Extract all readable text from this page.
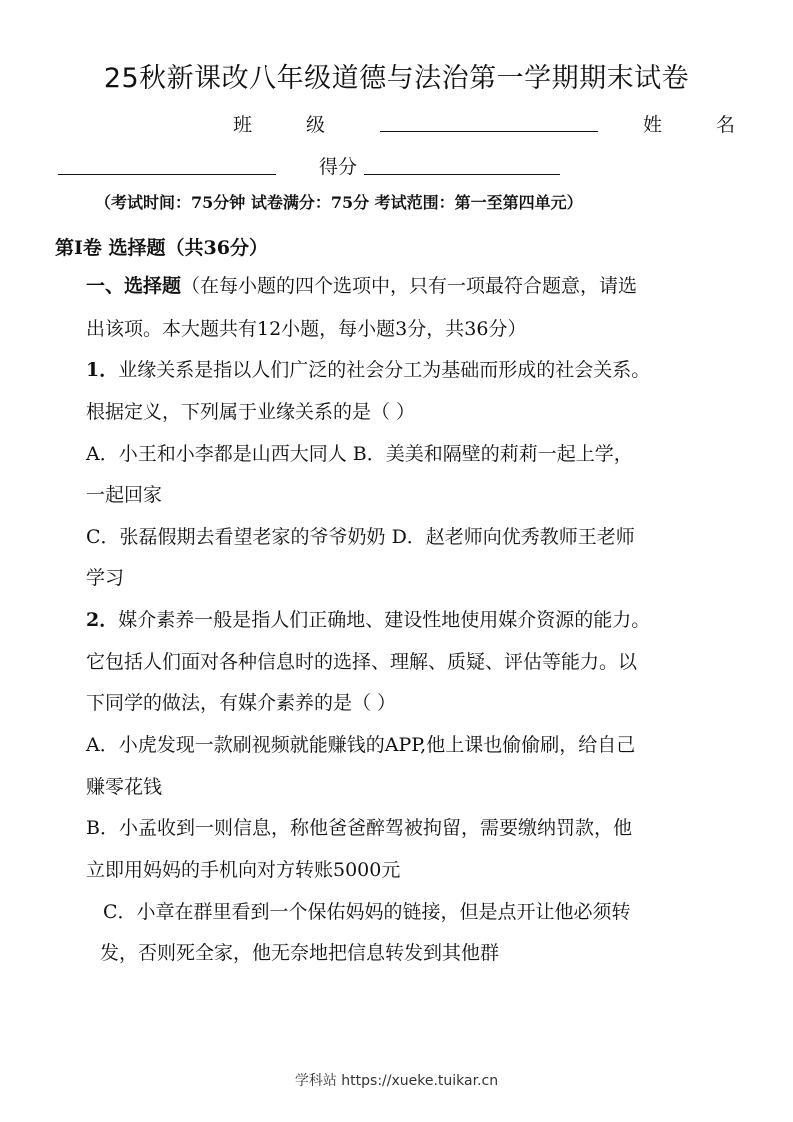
25秋新课改八年级道德与法治第一学期期末试卷
班	级	姓	名
得分
（考试时间：75分钟 试卷满分：75分 考试范围：第一至第四单元）
第Ⅰ卷 选择题（共36分）
一、选择题（在每小题的四个选项中，只有一项最符合题意，请选
出该项。本大题共有12小题，每小题3分，共36分）
1．业缘关系是指以人们广泛的社会分工为基础而形成的社会关系。
根据定义，下列属于业缘关系的是（ ）
A．小王和小李都是山西大同人 B．美美和隔壁的莉莉一起上学，
一起回家
C．张磊假期去看望老家的爷爷奶奶 D．赵老师向优秀教师王老师
学习
2．媒介素养一般是指人们正确地、建设性地使用媒介资源的能力。
它包括人们面对各种信息时的选择、理解、质疑、评估等能力。以
下同学的做法，有媒介素养的是（ ）
A．小虎发现一款刷视频就能赚钱的APP,他上课也偷偷刷，给自己
赚零花钱
B．小孟收到一则信息，称他爸爸醉驾被拘留，需要缴纳罚款，他
立即用妈妈的手机向对方转账5000元
C．小章在群里看到一个保佑妈妈的链接，但是点开让他必须转
发，否则死全家，他无奈地把信息转发到其他群
学科站 https://xueke.tuikar.cn
